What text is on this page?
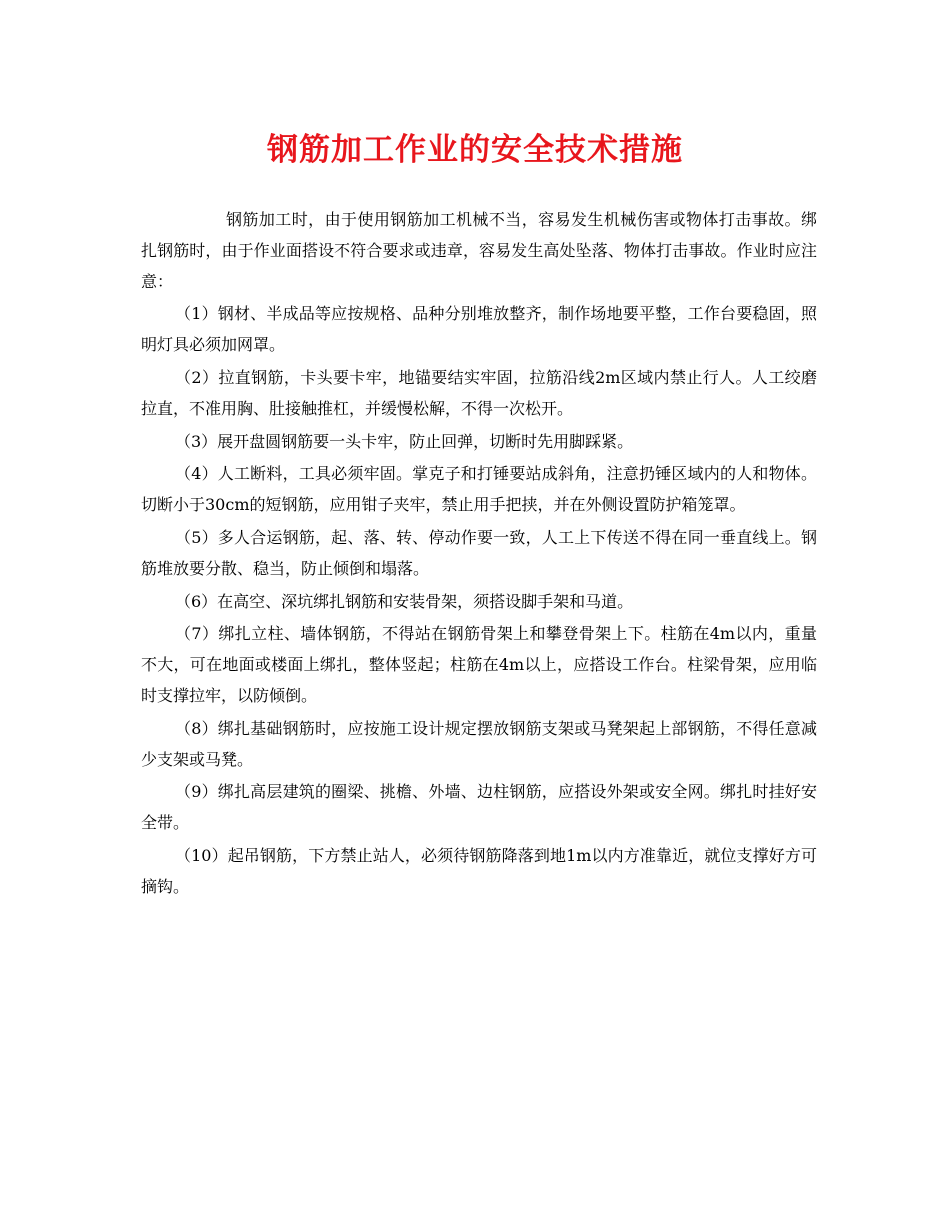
钢筋加工作业的安全技术措施

钢筋加工时，由于使用钢筋加工机械不当，容易发生机械伤害或物体打击事故。绑扎钢筋时，由于作业面搭设不符合要求或违章，容易发生高处坠落、物体打击事故。作业时应注意：

（1）钢材、半成品等应按规格、品种分别堆放整齐，制作场地要平整，工作台要稳固，照明灯具必须加网罩。

（2）拉直钢筋，卡头要卡牢，地锚要结实牢固，拉筋沿线2m区域内禁止行人。人工绞磨拉直，不准用胸、肚接触推杠，并缓慢松解，不得一次松开。

（3）展开盘圆钢筋要一头卡牢，防止回弹，切断时先用脚踩紧。

（4）人工断料，工具必须牢固。掌克子和打锤要站成斜角，注意扔锤区域内的人和物体。切断小于30cm的短钢筋，应用钳子夹牢，禁止用手把挟，并在外侧设置防护箱笼罩。

（5）多人合运钢筋，起、落、转、停动作要一致，人工上下传送不得在同一垂直线上。钢筋堆放要分散、稳当，防止倾倒和塌落。

（6）在高空、深坑绑扎钢筋和安装骨架，须搭设脚手架和马道。

（7）绑扎立柱、墙体钢筋，不得站在钢筋骨架上和攀登骨架上下。柱筋在4m以内，重量不大，可在地面或楼面上绑扎，整体竖起；柱筋在4m以上，应搭设工作台。柱梁骨架，应用临时支撑拉牢，以防倾倒。

（8）绑扎基础钢筋时，应按施工设计规定摆放钢筋支架或马凳架起上部钢筋，不得任意减少支架或马凳。

（9）绑扎高层建筑的圈梁、挑檐、外墙、边柱钢筋，应搭设外架或安全网。绑扎时挂好安全带。

（10）起吊钢筋，下方禁止站人，必须待钢筋降落到地1m以内方准靠近，就位支撑好方可摘钩。
